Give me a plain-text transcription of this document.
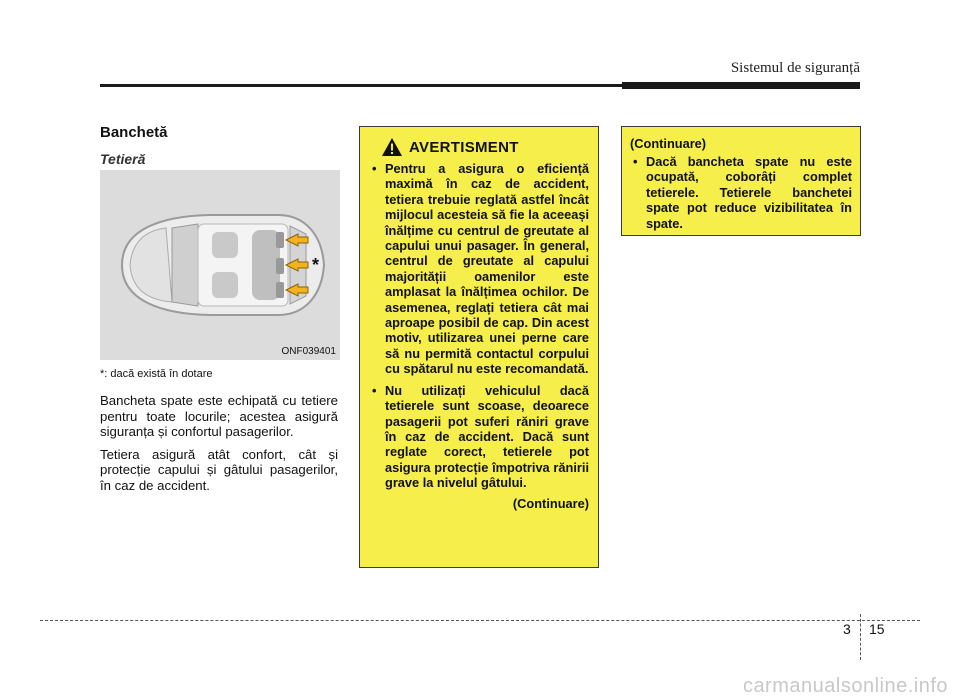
Sistemul de siguranță
Banchetă
Tetieră
*
ONF039401
*: dacă există în dotare

Bancheta spate este echipată cu tetiere pentru toate locurile; acestea asigură siguranța și confortul pasagerilor.

Tetiera asigură atât confort, cât și protecție capului și gâtului pasagerilor, în caz de accident.

AVERTISMENT
• Pentru a asigura o eficiență maximă în caz de accident, tetiera trebuie reglată astfel încât mijlocul acesteia să fie la aceeași înălțime cu centrul de greutate al capului unui pasager. În general, centrul de greutate al capului majorității oamenilor este amplasat la înălțimea ochilor. De asemenea, reglați tetiera cât mai aproape posibil de cap. Din acest motiv, utilizarea unei perne care să nu permită contactul corpului cu spătarul nu este recomandată.
• Nu utilizați vehiculul dacă tetierele sunt scoase, deoarece pasagerii pot suferi răniri grave în caz de accident. Dacă sunt reglate corect, tetierele pot asigura protecție împotriva rănirii grave la nivelul gâtului.
(Continuare)
(Continuare)
• Dacă bancheta spate nu este ocupată, coborâți complet tetierele. Tetierele banchetei spate pot reduce vizibilitatea în spate.
3 15
carmanualsonline.info
